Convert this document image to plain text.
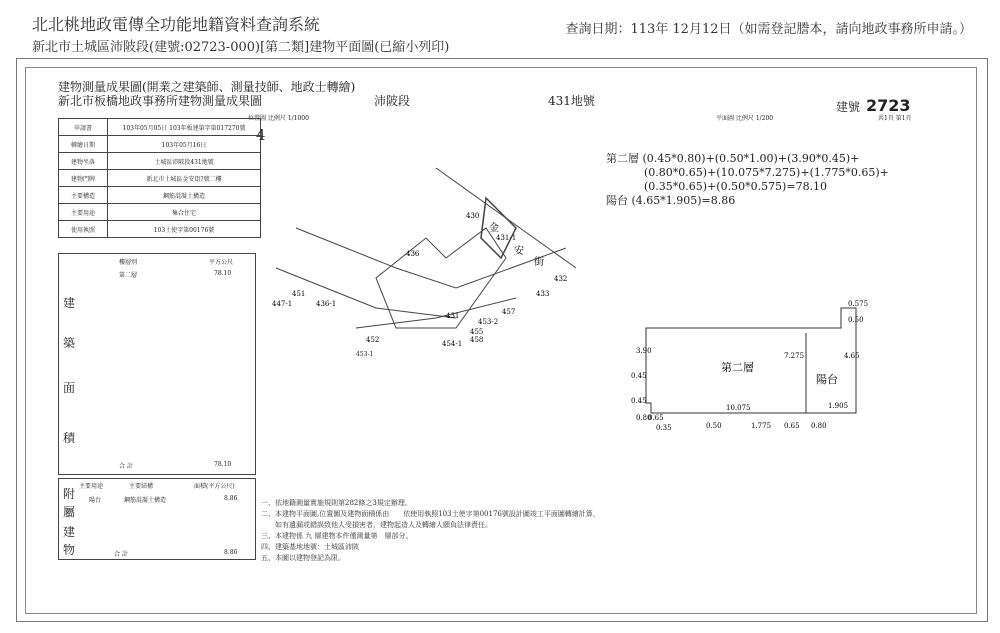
北北桃地政電傳全功能地籍資料查詢系統
新北市土城區沛陂段(建號:02723-000)[第二類]建物平面圖(已縮小列印)
查詢日期：113年 12月12日（如需登記謄本，請向地政事務所申請。）
建物測量成果圖(開業之建築師、測量技師、地政士轉繪)
新北市板橋地政事務所建物測量成果圖	沛陂段	431地號	建號 2723
位置圖 比例尺 1/1000
4
平面圖 比例尺 1/200	共1頁 第1頁
申請書	103年05月05日 103年板建第字第017270號
轉繪日期	103年05月16日
建物坐落	土城區沛陂段431地號
建物門牌	新北市土城區金安街?號二樓
主要構造	鋼筋混凝土構造
主要用途	集合住宅
使用執照	103土使字第00176號
樓層別	平方公尺
第二層	78.10
建
築
面
積
合 計	78.10
主要用途	主要結構	面積(平方公尺)
陽台	鋼筋混凝土構造	8.86
附
屬
建
物	合 計	8.86
430
金
431-1
安
街
432
436
433
451
447-1	436-1
431
453-2
457
455
458
454-1
452
453-1
第二層 (0.45*0.80)+(0.50*1.00)+(3.90*0.45)+
(0.80*0.65)+(10.075*7.275)+(1.775*0.65)+
(0.35*0.65)+(0.50*0.575)=78.10
陽台 (4.65*1.905)=8.86
第二層
陽台
0.575
0.50
3.90
0.45
7.275	4.65
0.45
10.075	1.905
0.80
0.65
0.35	0.50	1.775 0.65 0.80
一、依地籍測量實施規則第282條之3規定辦理。
二、本建物平面圖,位置圖及建物面積係由　　依使用執照103土使字第00176號設計圖竣工平面圖轉繪計算，
　　如有遺漏或錯誤致他人受損害者，建物起造人及轉繪人願負法律責任。
三、本建物係 九 層建物本件僅測量第　層部分。
四、建築基地地號：土城區沛陂
五、本圖以建物登記為限。
